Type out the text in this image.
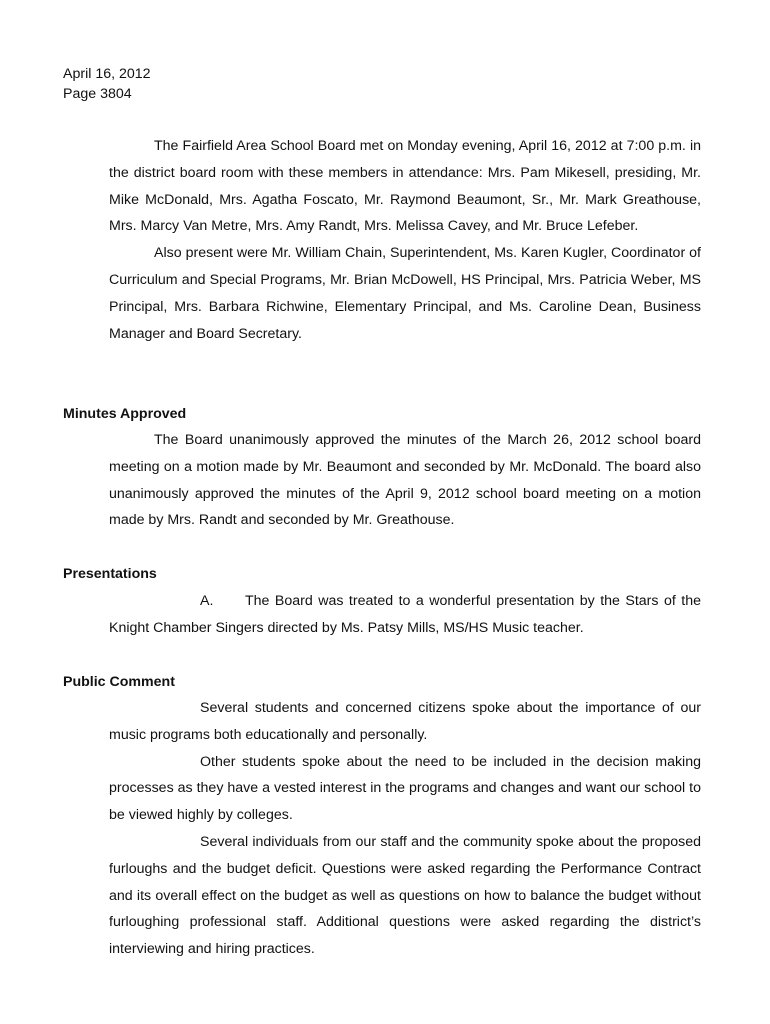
April 16, 2012
Page 3804

The Fairfield Area School Board met on Monday evening, April 16, 2012 at 7:00 p.m. in the district board room with these members in attendance: Mrs. Pam Mikesell, presiding, Mr. Mike McDonald, Mrs. Agatha Foscato, Mr. Raymond Beaumont, Sr., Mr. Mark Greathouse, Mrs. Marcy Van Metre, Mrs. Amy Randt, Mrs. Melissa Cavey, and Mr. Bruce Lefeber.

Also present were Mr. William Chain, Superintendent, Ms. Karen Kugler, Coordinator of Curriculum and Special Programs, Mr. Brian McDowell, HS Principal, Mrs. Patricia Weber, MS Principal, Mrs. Barbara Richwine, Elementary Principal, and Ms. Caroline Dean, Business Manager and Board Secretary.

Minutes Approved

The Board unanimously approved the minutes of the March 26, 2012 school board meeting on a motion made by Mr. Beaumont and seconded by Mr. McDonald. The board also unanimously approved the minutes of the April 9, 2012 school board meeting on a motion made by Mrs. Randt and seconded by Mr. Greathouse.

Presentations

A. The Board was treated to a wonderful presentation by the Stars of the Knight Chamber Singers directed by Ms. Patsy Mills, MS/HS Music teacher.

Public Comment

Several students and concerned citizens spoke about the importance of our music programs both educationally and personally.

Other students spoke about the need to be included in the decision making processes as they have a vested interest in the programs and changes and want our school to be viewed highly by colleges.

Several individuals from our staff and the community spoke about the proposed furloughs and the budget deficit. Questions were asked regarding the Performance Contract and its overall effect on the budget as well as questions on how to balance the budget without furloughing professional staff. Additional questions were asked regarding the district’s interviewing and hiring practices.
